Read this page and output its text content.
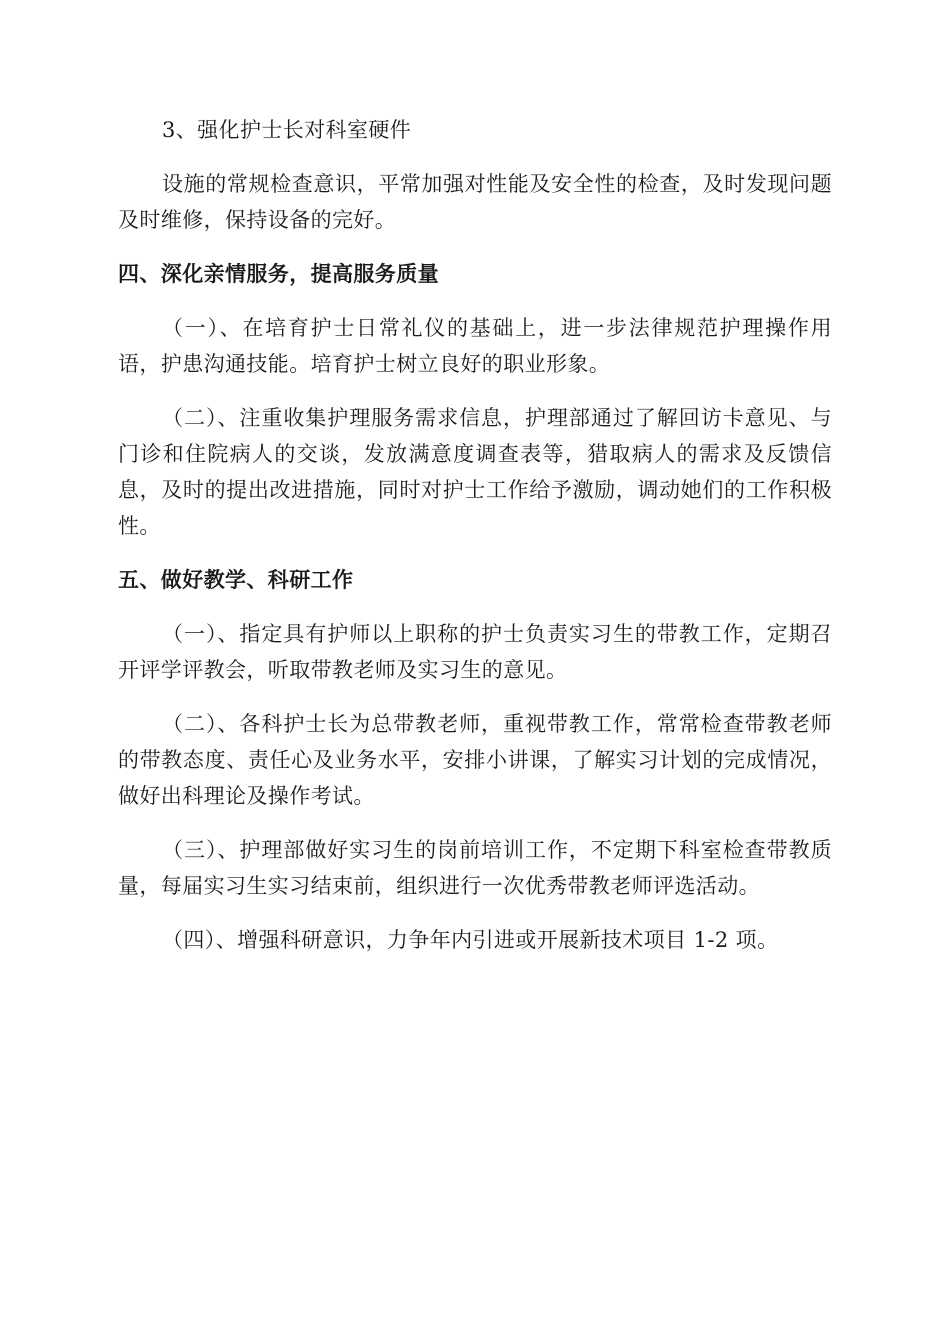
3、强化护士长对科室硬件

设施的常规检查意识，平常加强对性能及安全性的检查，及时发现问题及时维修，保持设备的完好。

四、深化亲情服务，提高服务质量

（一）、在培育护士日常礼仪的基础上，进一步法律规范护理操作用语，护患沟通技能。培育护士树立良好的职业形象。

（二）、注重收集护理服务需求信息，护理部通过了解回访卡意见、与门诊和住院病人的交谈，发放满意度调查表等，猎取病人的需求及反馈信息，及时的提出改进措施，同时对护士工作给予激励，调动她们的工作积极性。

五、做好教学、科研工作

（一）、指定具有护师以上职称的护士负责实习生的带教工作，定期召开评学评教会，听取带教老师及实习生的意见。

（二）、各科护士长为总带教老师，重视带教工作，常常检查带教老师的带教态度、责任心及业务水平，安排小讲课，了解实习计划的完成情况，做好出科理论及操作考试。

（三）、护理部做好实习生的岗前培训工作，不定期下科室检查带教质量，每届实习生实习结束前，组织进行一次优秀带教老师评选活动。

（四）、增强科研意识，力争年内引进或开展新技术项目 1-2 项。
